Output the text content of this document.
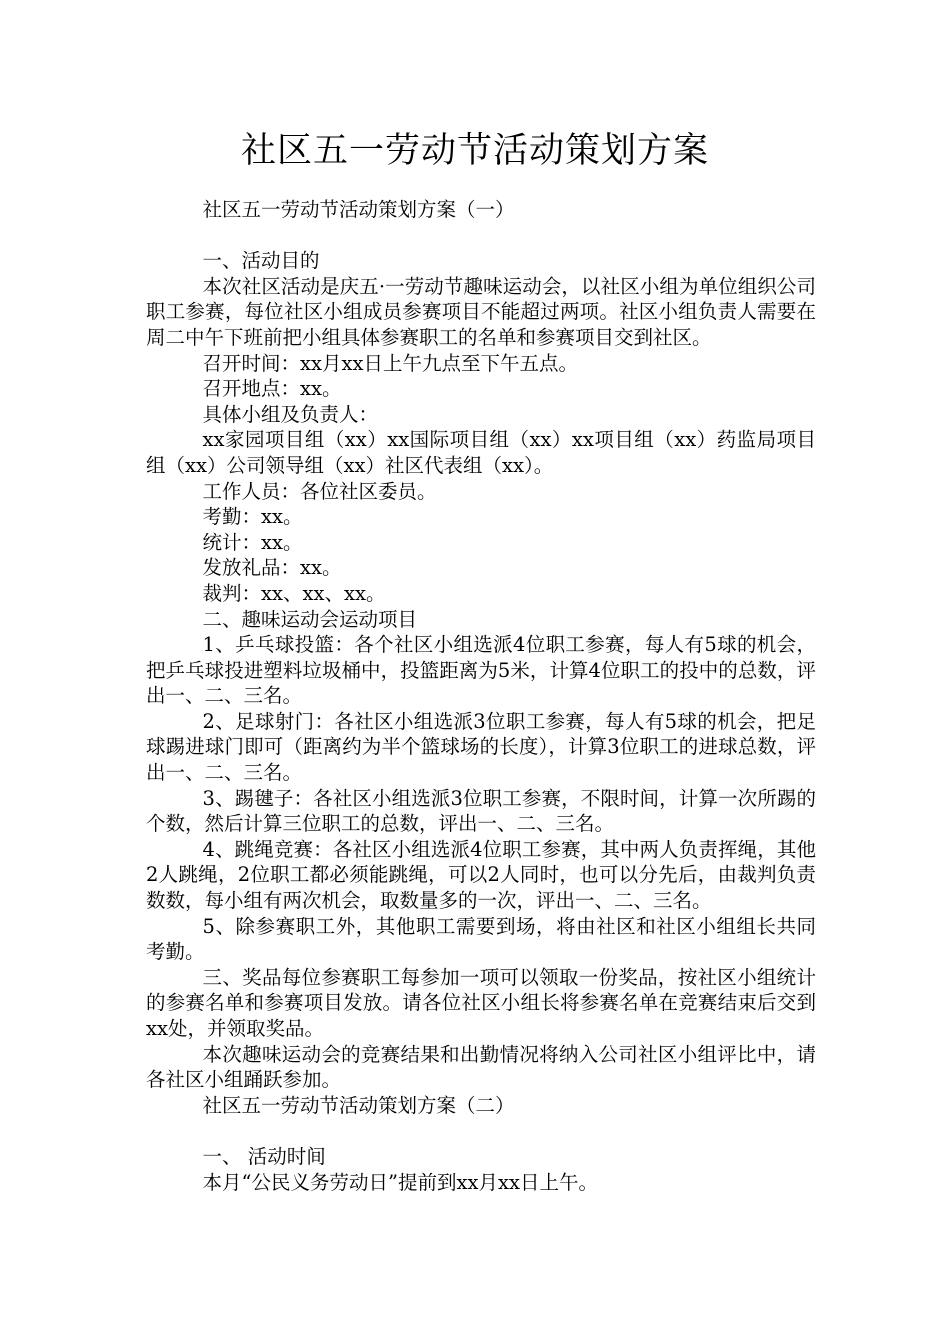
社区五一劳动节活动策划方案

社区五一劳动节活动策划方案（一）

一、活动目的

本次社区活动是庆五·一劳动节趣味运动会，以社区小组为单位组织公司职工参赛，每位社区小组成员参赛项目不能超过两项。社区小组负责人需要在周二中午下班前把小组具体参赛职工的名单和参赛项目交到社区。

召开时间：xx月xx日上午九点至下午五点。

召开地点：xx。

具体小组及负责人：

xx家园项目组（xx）xx国际项目组（xx）xx项目组（xx）药监局项目组（xx）公司领导组（xx）社区代表组（xx）。

工作人员：各位社区委员。

考勤：xx。

统计：xx。

发放礼品：xx。

裁判：xx、xx、xx。

二、趣味运动会运动项目

1、乒乓球投篮：各个社区小组选派4位职工参赛，每人有5球的机会，把乒乓球投进塑料垃圾桶中，投篮距离为5米，计算4位职工的投中的总数，评出一、二、三名。

2、足球射门：各社区小组选派3位职工参赛，每人有5球的机会，把足球踢进球门即可（距离约为半个篮球场的长度），计算3位职工的进球总数，评出一、二、三名。

3、踢毽子：各社区小组选派3位职工参赛，不限时间，计算一次所踢的个数，然后计算三位职工的总数，评出一、二、三名。

4、跳绳竞赛：各社区小组选派4位职工参赛，其中两人负责挥绳，其他2人跳绳，2位职工都必须能跳绳，可以2人同时，也可以分先后，由裁判负责数数，每小组有两次机会，取数量多的一次，评出一、二、三名。

5、除参赛职工外，其他职工需要到场，将由社区和社区小组组长共同考勤。

三、奖品每位参赛职工每参加一项可以领取一份奖品，按社区小组统计的参赛名单和参赛项目发放。请各位社区小组长将参赛名单在竞赛结束后交到xx处，并领取奖品。

本次趣味运动会的竞赛结果和出勤情况将纳入公司社区小组评比中，请各社区小组踊跃参加。

社区五一劳动节活动策划方案（二）

一、 活动时间

本月“公民义务劳动日”提前到xx月xx日上午。
